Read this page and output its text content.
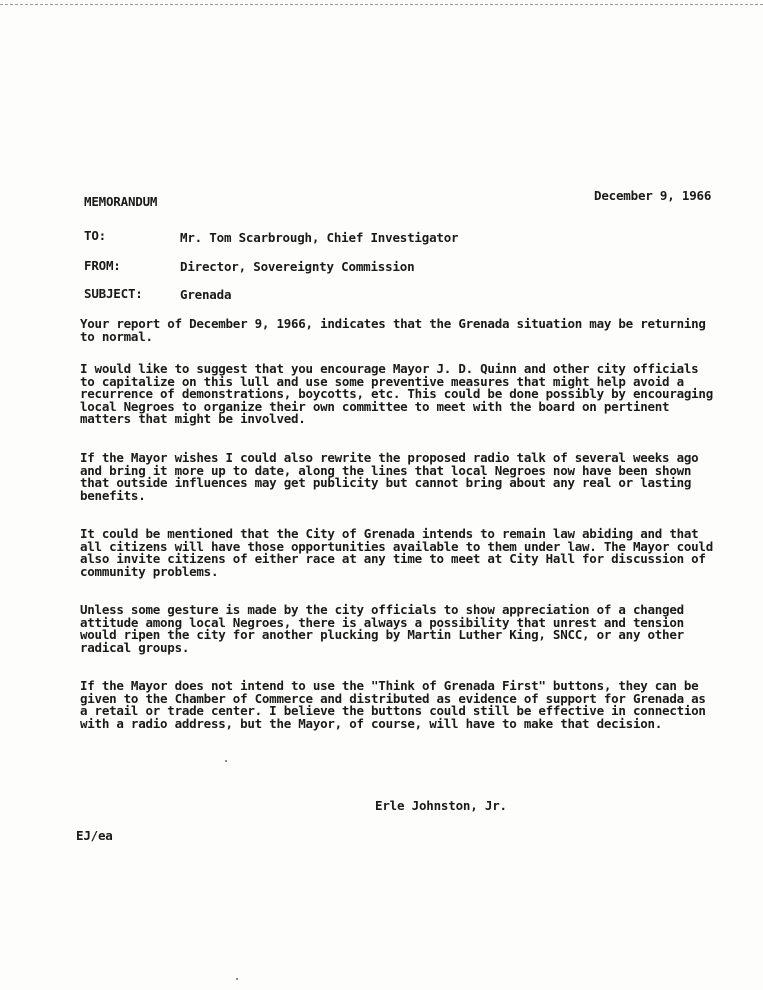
MEMORANDUM	December 9, 1966
TO:	Mr. Tom Scarbrough, Chief Investigator
FROM:	Director, Sovereignty Commission
SUBJECT:	Grenada

Your report of December 9, 1966, indicates that the Grenada situation may be returning to normal.

I would like to suggest that you encourage Mayor J. D. Quinn and other city officials to capitalize on this lull and use some preventive measures that might help avoid a recurrence of demonstrations, boycotts, etc. This could be done possibly by encouraging local Negroes to organize their own committee to meet with the board on pertinent matters that might be involved.

If the Mayor wishes I could also rewrite the proposed radio talk of several weeks ago and bring it more up to date, along the lines that local Negroes now have been shown that outside influences may get publicity but cannot bring about any real or lasting benefits.

It could be mentioned that the City of Grenada intends to remain law abiding and that all citizens will have those opportunities available to them under law. The Mayor could also invite citizens of either race at any time to meet at City Hall for discussion of community problems.

Unless some gesture is made by the city officials to show appreciation of a changed attitude among local Negroes, there is always a possibility that unrest and tension would ripen the city for another plucking by Martin Luther King, SNCC, or any other radical groups.

If the Mayor does not intend to use the "Think of Grenada First" buttons, they can be given to the Chamber of Commerce and distributed as evidence of support for Grenada as a retail or trade center. I believe the buttons could still be effective in connection with a radio address, but the Mayor, of course, will have to make that decision.

Erle Johnston, Jr.
EJ/ea
